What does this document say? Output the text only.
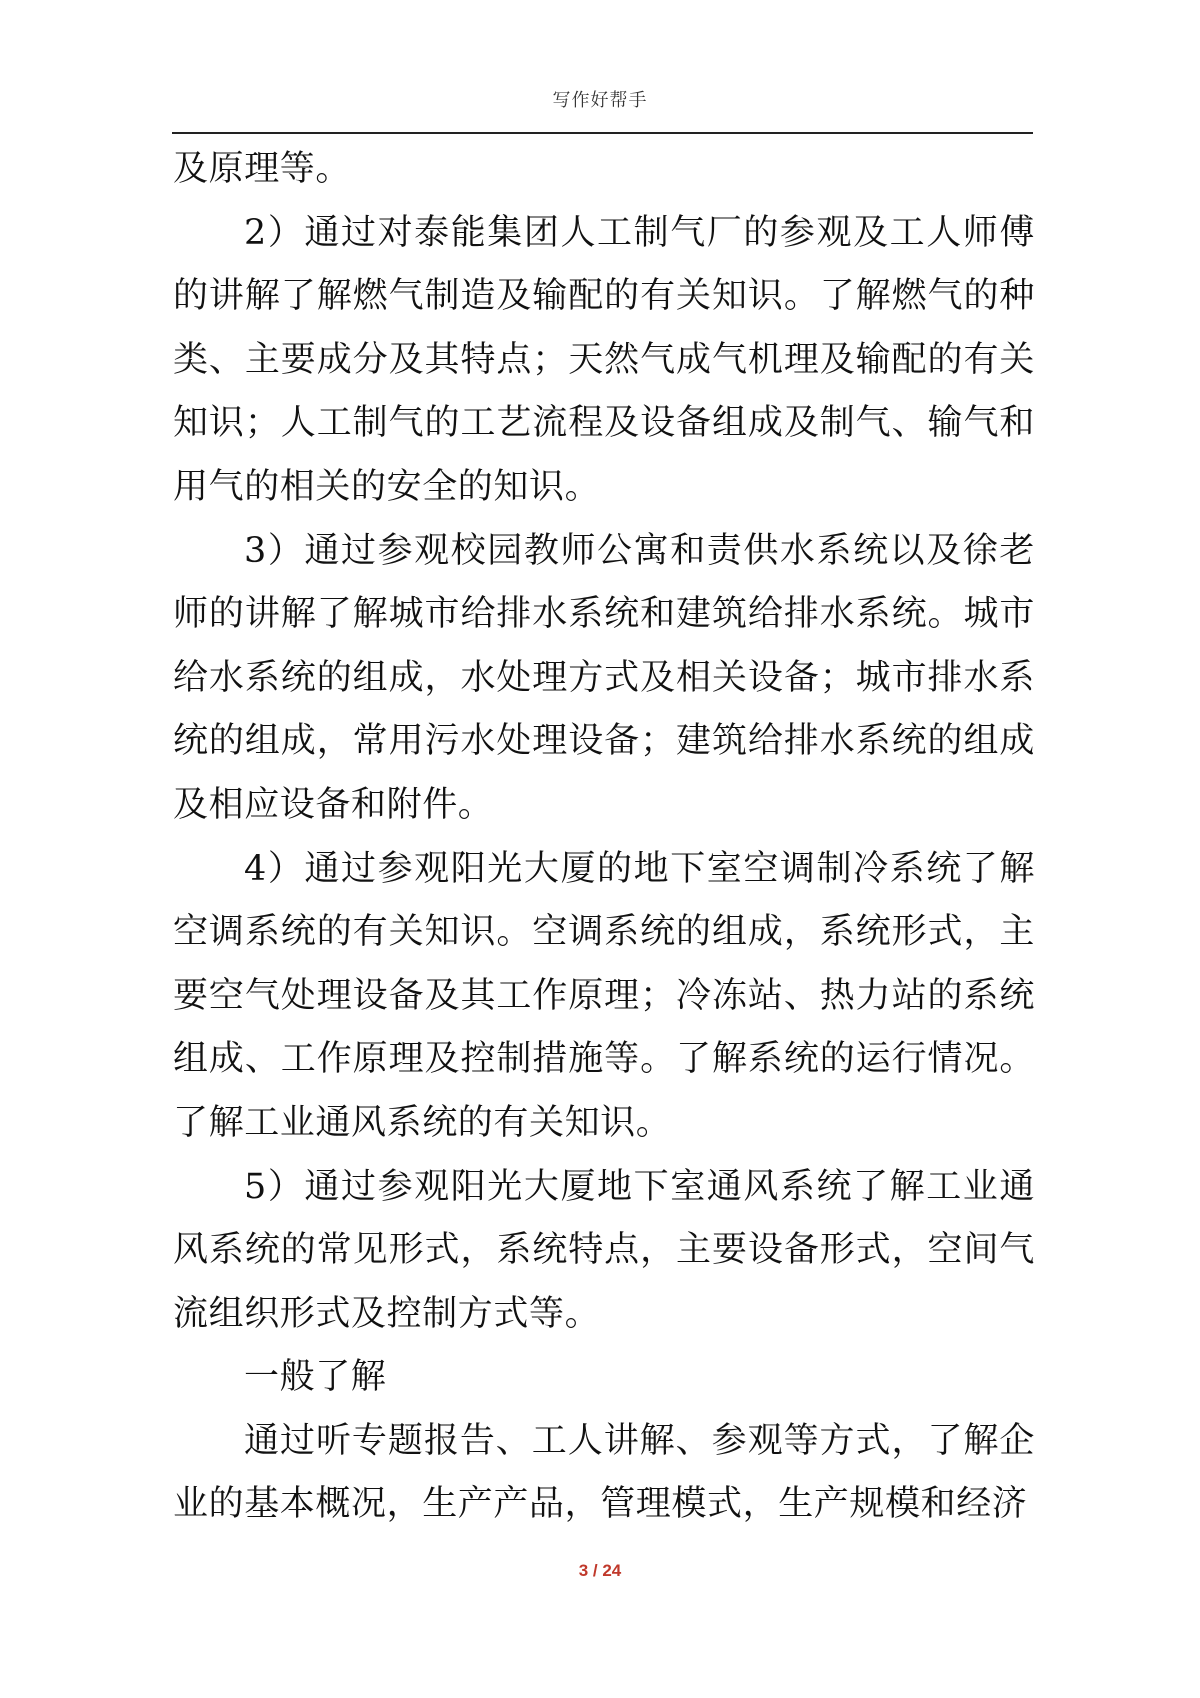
写作好帮手

及原理等。

2）通过对泰能集团人工制气厂的参观及工人师傅的讲解了解燃气制造及输配的有关知识。了解燃气的种类、主要成分及其特点；天然气成气机理及输配的有关知识；人工制气的工艺流程及设备组成及制气、输气和用气的相关的安全的知识。

3）通过参观校园教师公寓和责供水系统以及徐老师的讲解了解城市给排水系统和建筑给排水系统。城市给水系统的组成，水处理方式及相关设备；城市排水系统的组成，常用污水处理设备；建筑给排水系统的组成及相应设备和附件。

4）通过参观阳光大厦的地下室空调制冷系统了解空调系统的有关知识。空调系统的组成，系统形式，主要空气处理设备及其工作原理；冷冻站、热力站的系统组成、工作原理及控制措施等。了解系统的运行情况。了解工业通风系统的有关知识。

5）通过参观阳光大厦地下室通风系统了解工业通风系统的常见形式，系统特点，主要设备形式，空间气流组织形式及控制方式等。

一般了解

通过听专题报告、工人讲解、参观等方式，了解企业的基本概况，生产产品，管理模式，生产规模和经济

3 / 24
